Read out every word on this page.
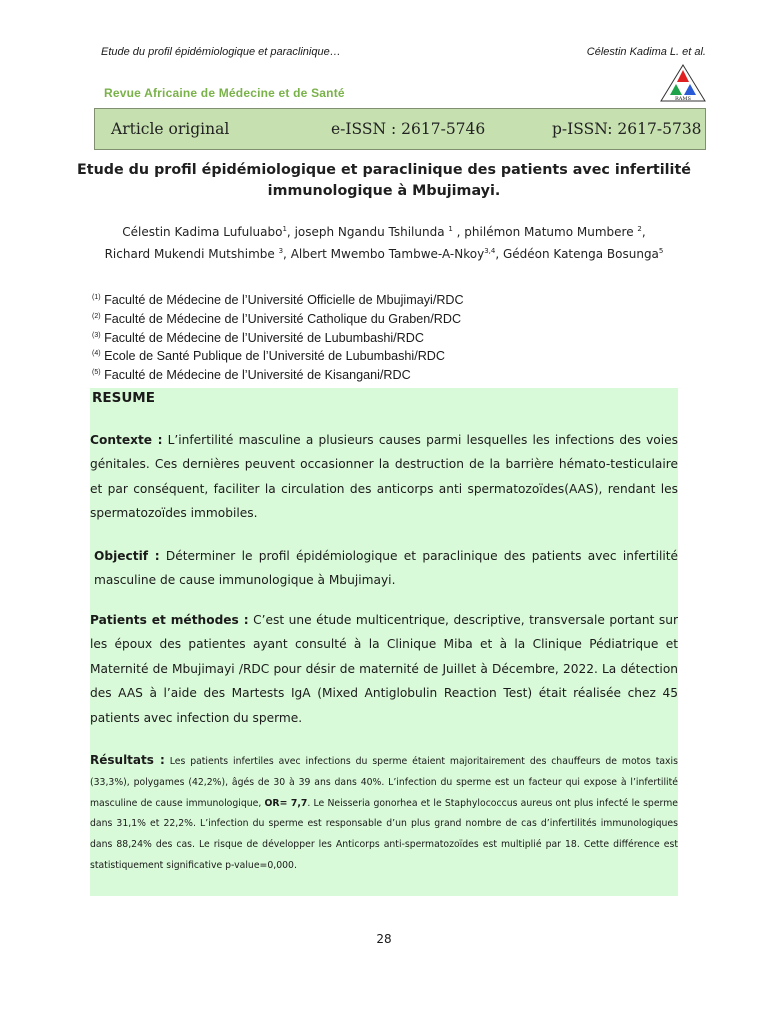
Etude du profil épidémiologique et paraclinique…	Célestin Kadima L. et al.
Revue Africaine de Médecine et de Santé	RAMS
Article original	e-ISSN : 2617-5746	p-ISSN: 2617-5738
Etude du profil épidémiologique et paraclinique des patients avec infertilité
immunologique à Mbujimayi.
Célestin Kadima Lufuluabo$^1$, joseph Ngandu Tshilunda $^1$ , philémon Matumo Mumbere $^2$,
Richard Mukendi Mutshimbe $^3$, Albert Mwembo Tambwe-A-Nkoy$^{3,4}$, Gédéon Katenga Bosunga$^5$
$^{(1)}$ Faculté de Médecine de l’Université Officielle de Mbujimayi/RDC
$^{(2)}$ Faculté de Médecine de l’Université Catholique du Graben/RDC
$^{(3)}$ Faculté de Médecine de l’Université de Lubumbashi/RDC
$^{(4)}$ Ecole de Santé Publique de l’Université de Lubumbashi/RDC
$^{(5)}$ Faculté de Médecine de l’Université de Kisangani/RDC
RESUME
Contexte : L’infertilité masculine a plusieurs causes parmi lesquelles les infections des voies génitales. Ces dernières peuvent occasionner la destruction de la barrière hémato-testiculaire et par conséquent, faciliter la circulation des anticorps anti spermatozoïdes(AAS), rendant les spermatozoïdes immobiles.
Objectif : Déterminer le profil épidémiologique et paraclinique des patients avec infertilité masculine de cause immunologique à Mbujimayi.
Patients et méthodes : C’est une étude multicentrique, descriptive, transversale portant sur les époux des patientes ayant consulté à la Clinique Miba et à la Clinique Pédiatrique et Maternité de Mbujimayi /RDC pour désir de maternité de Juillet à Décembre, 2022. La détection des AAS à l’aide des Martests IgA (Mixed Antiglobulin Reaction Test) était réalisée chez 45 patients avec infection du sperme.
Résultats : Les patients infertiles avec infections du sperme étaient majoritairement des chauffeurs de motos taxis (33,3%), polygames (42,2%), âgés de 30 à 39 ans dans 40%. L’infection du sperme est un facteur qui expose à l’infertilité masculine de cause immunologique, OR= 7,7. Le Neisseria gonorhea et le Staphylococcus aureus ont plus infecté le sperme dans 31,1% et 22,2%. L’infection du sperme est responsable d’un plus grand nombre de cas d’infertilités immunologiques dans 88,24% des cas. Le risque de développer les Anticorps anti-spermatozoïdes est multiplié par 18. Cette différence est statistiquement significative p-value=0,000.
28
